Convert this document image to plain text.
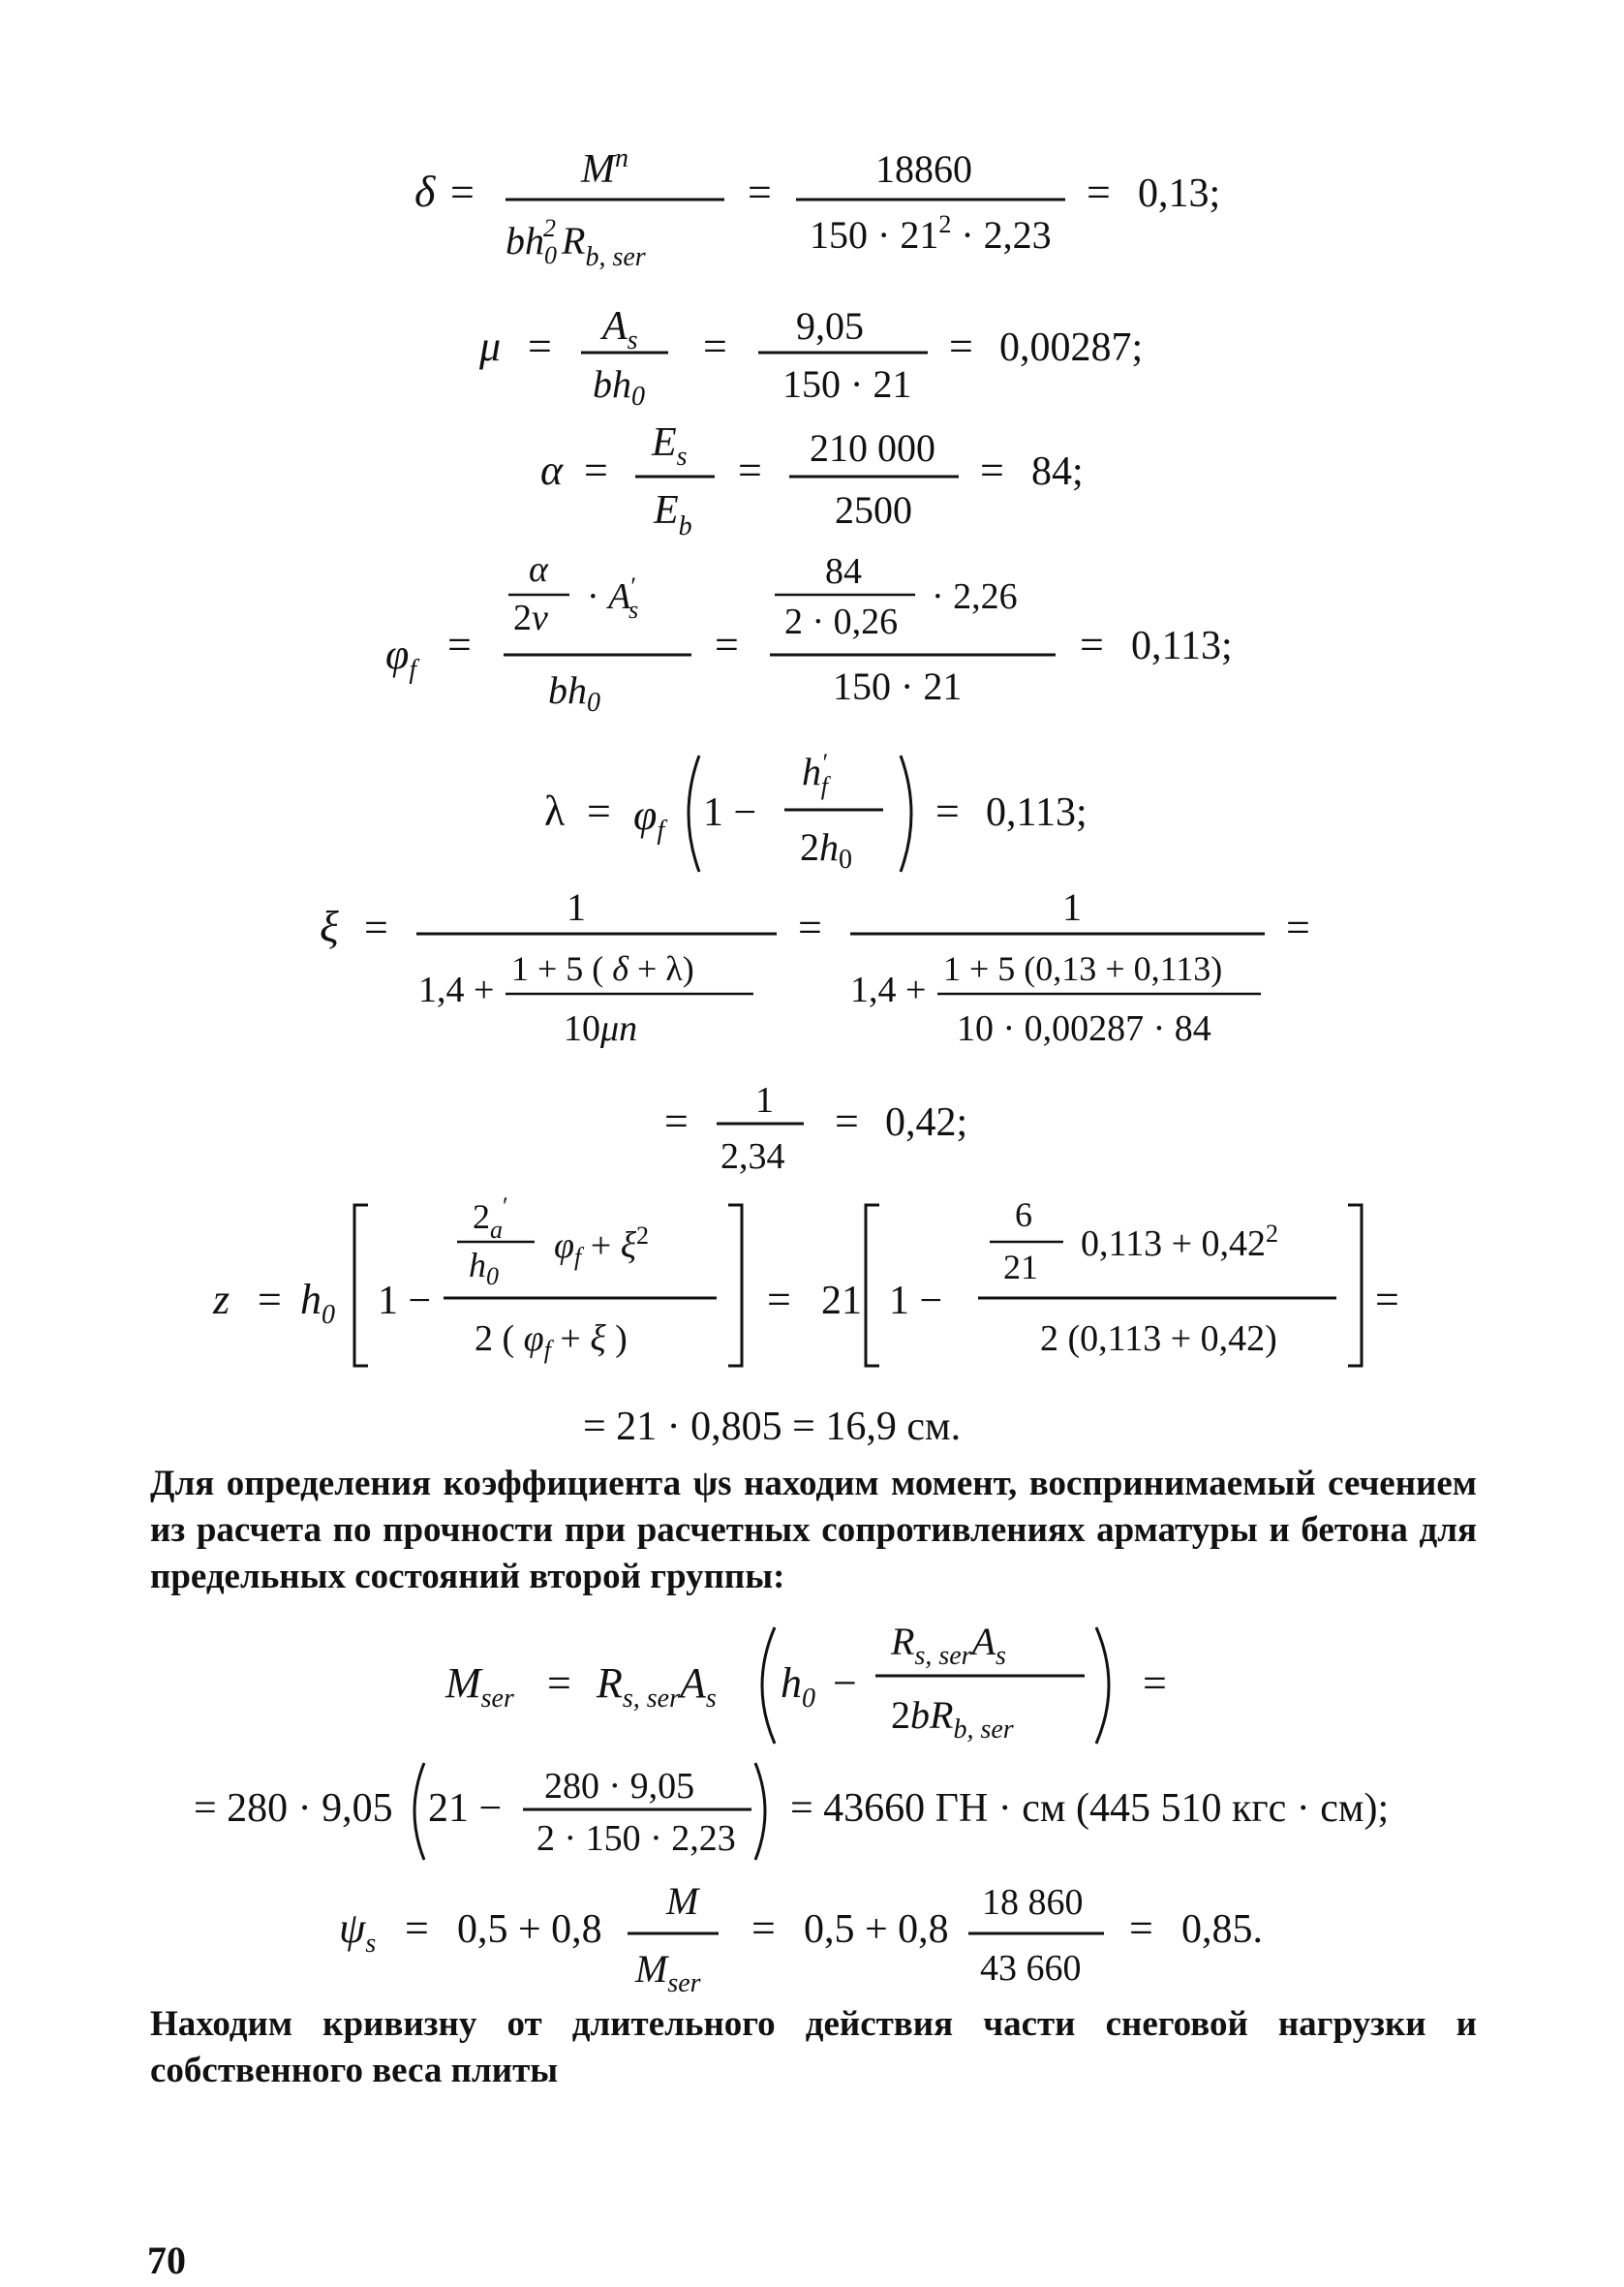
δ =	$M^n$
$bh_02$ $R_{b, ser}$
=	18860
$150 \cdot 21^2 \cdot 2,23$
= 0,13;
$\mu = A_s$
$bh_0$
= 9,05
150 · 21
= 0,00287;
α =
$E_s$
$E_b$
= 210 000
2500
= 84;
$\varphi_f$
=
α
2ν
· A′ s
$bh_0$
=
84
2 · 0,26
· 2,26
150 · 21
= 0,113;
$\lambda = \varphi_f$ 1 −
h′ f
$2h_0$
= 0,113;
ξ =	1
1,4 +
1 + 5 ( δ + λ)
10μn
=	1
1,4 +
1 + 5 (0,13 + 0,113)
10 · 0,00287 · 84
=
= 1
2,34
= 0,42;
$z = h_0$ 1 −
$2_a'$
$h_0$
$\varphi_f + \xi^2$
2 ( $\varphi_f + \xi$ )
= 21 1 −
6
21
$0,113 + 0,42^2$
2 (0,113 + 0,42)
=
= 21 · 0,805 = 16,9 см.
$M_{ser} = R_{s, ser}A_s$ $h_0$ −
$R_{s, ser}A_s$
$2bR_{b, ser}$
=
= 280 · 9,05 21 − 280 · 9,05
2 · 150 · 2,23
= 43660 ГН · см (445 510 кгс · см);
$\psi_s = 0,5 + 0,8$
M
$M_{ser}$
= 0,5 + 0,8
18 860
43 660
= 0,85.
Для определения коэффициента ψs находим момент, воспринимаемый сечением из расчета по прочности при расчетных сопротивлениях арматуры и бетона для предельных состояний второй группы:
Находим кривизну от длительного действия части снеговой нагрузки и собственного веса плиты
70
